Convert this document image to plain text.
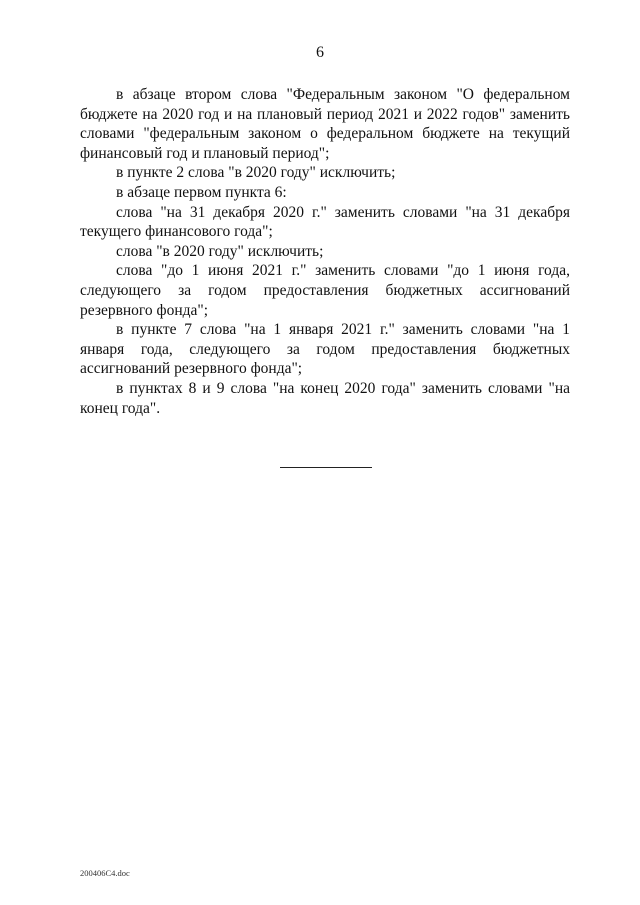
6

в абзаце втором слова "Федеральным законом "О федеральном бюджете на 2020 год и на плановый период 2021 и 2022 годов" заменить словами "федеральным законом о федеральном бюджете на текущий финансовый год и плановый период";

в пункте 2 слова "в 2020 году" исключить;

в абзаце первом пункта 6:

слова "на 31 декабря 2020 г." заменить словами "на 31 декабря текущего финансового года";

слова "в 2020 году" исключить;

слова "до 1 июня 2021 г." заменить словами "до 1 июня года, следующего за годом предоставления бюджетных ассигнований резервного фонда";

в пункте 7 слова "на 1 января 2021 г." заменить словами "на 1 января года, следующего за годом предоставления бюджетных ассигнований резервного фонда";

в пунктах 8 и 9 слова "на конец 2020 года" заменить словами "на конец года".

200406C4.doc
